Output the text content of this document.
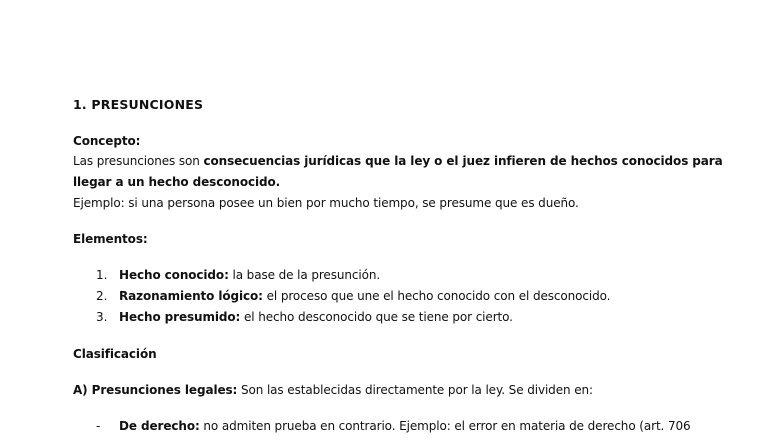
1. PRESUNCIONES
Concepto:
Las presunciones son consecuencias jurídicas que la ley o el juez infieren de hechos conocidos para
llegar a un hecho desconocido.
Ejemplo: si una persona posee un bien por mucho tiempo, se presume que es dueño.
Elementos:
1. Hecho conocido: la base de la presunción.
2. Razonamiento lógico: el proceso que une el hecho conocido con el desconocido.
3. Hecho presumido: el hecho desconocido que se tiene por cierto.
Clasificación
A) Presunciones legales: Son las establecidas directamente por la ley. Se dividen en:
- De derecho: no admiten prueba en contrario. Ejemplo: el error en materia de derecho (art. 706
